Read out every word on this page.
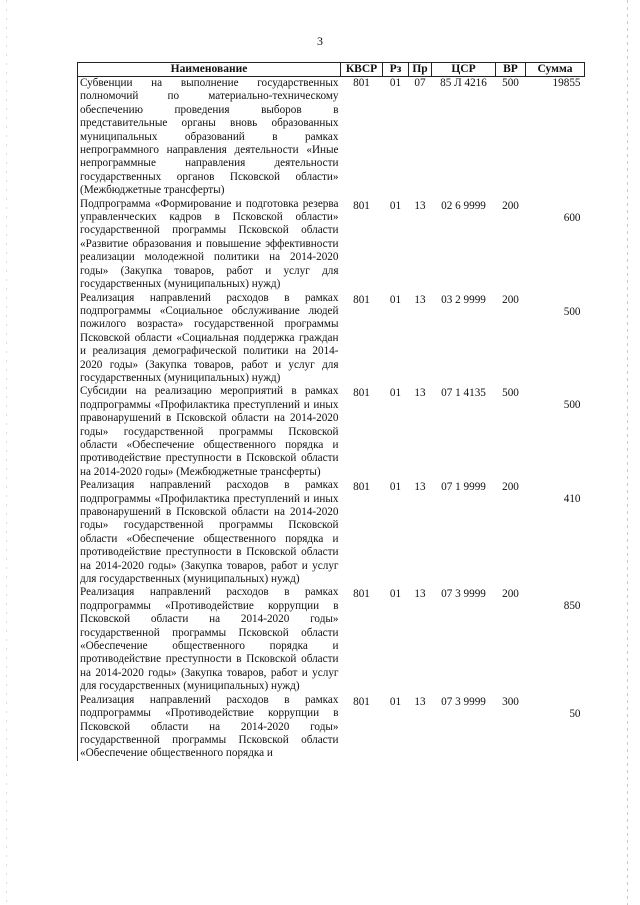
3
Наименование	КВСР	Рз	Пр	ЦСР	ВР	Сумма
Субвенции на выполнение государственных полномочий по материально-техническому обеспечению проведения выборов в представительные органы вновь образованных муниципальных образований в рамках непрограммного направления деятельности «Иные непрограммные направления деятельности государственных органов Псковской области» (Межбюджетные трансферты)	801	01	07	85 Л 4216	500	19855
Подпрограмма «Формирование и подготовка резерва управленческих кадров в Псковской области» государственной программы Псковской области «Развитие образования и повышение эффективности реализации молодежной политики на 2014-2020 годы» (Закупка товаров, работ и услуг для государственных (муниципальных) нужд)	801	01	13	02 6 9999	200	600
Реализация направлений расходов в рамках подпрограммы «Социальное обслуживание людей пожилого возраста» государственной программы Псковской области «Социальная поддержка граждан и реализация демографической политики на 2014-2020 годы» (Закупка товаров, работ и услуг для государственных (муниципальных) нужд)	801	01	13	03 2 9999	200	500
Субсидии на реализацию мероприятий в рамках подпрограммы «Профилактика преступлений и иных правонарушений в Псковской области на 2014-2020 годы» государственной программы Псковской области «Обеспечение общественного порядка и противодействие преступности в Псковской области на 2014-2020 годы» (Межбюджетные трансферты)	801	01	13	07 1 4135	500	500
Реализация направлений расходов в рамках подпрограммы «Профилактика преступлений и иных правонарушений в Псковской области на 2014-2020 годы» государственной программы Псковской области «Обеспечение общественного порядка и противодействие преступности в Псковской области на 2014-2020 годы» (Закупка товаров, работ и услуг для государственных (муниципальных) нужд)	801	01	13	07 1 9999	200	410
Реализация направлений расходов в рамках подпрограммы «Противодействие коррупции в Псковской области на 2014-2020 годы» государственной программы Псковской области «Обеспечение общественного порядка и противодействие преступности в Псковской области на 2014-2020 годы» (Закупка товаров, работ и услуг для государственных (муниципальных) нужд)	801	01	13	07 3 9999	200	850
Реализация направлений расходов в рамках подпрограммы «Противодействие коррупции в Псковской области на 2014-2020 годы» государственной программы Псковской области «Обеспечение общественного порядка и	801	01	13	07 3 9999	300	50
